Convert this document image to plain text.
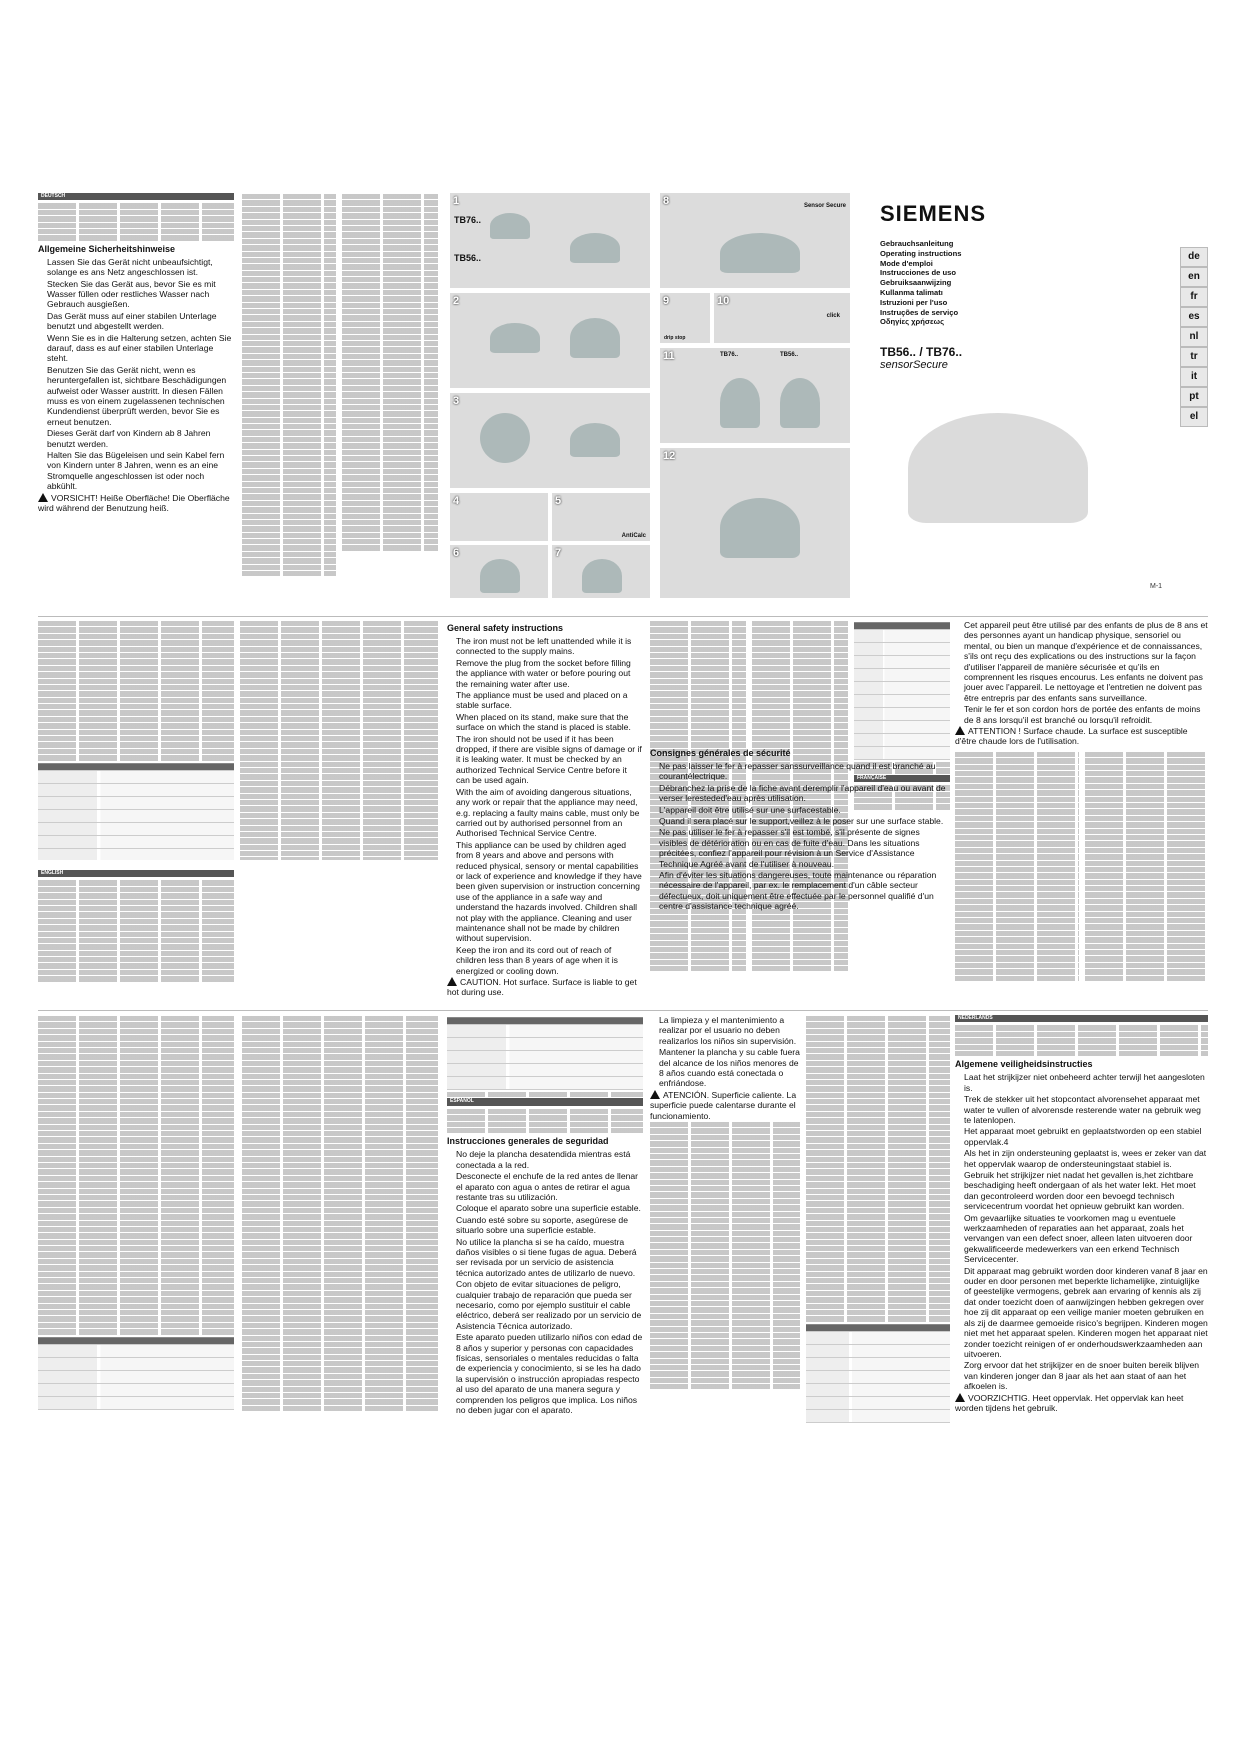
DEUTSCH
Allgemeine Sicherheitshinweise
• Lassen Sie das Gerät nicht unbeaufsichtigt, solange es ans Netz angeschlossen ist.
• Stecken Sie das Gerät aus, bevor Sie es mit Wasser füllen oder restliches Wasser nach Gebrauch ausgießen.
• Das Gerät muss auf einer stabilen Unterlage benutzt und abgestellt werden.
• Wenn Sie es in die Halterung setzen, achten Sie darauf, dass es auf einer stabilen Unterlage steht.
• Benutzen Sie das Gerät nicht, wenn es heruntergefallen ist, sichtbare Beschädigungen aufweist oder Wasser austritt. In diesen Fällen muss es von einem zugelassenen technischen Kundendienst überprüft werden, bevor Sie es erneut benutzen.
• Dieses Gerät darf von Kindern ab 8 Jahren benutzt werden.
• Halten Sie das Bügeleisen und sein Kabel fern von Kindern unter 8 Jahren, wenn es an eine Stromquelle angeschlossen ist oder noch abkühlt.
VORSICHT! Heiße Oberfläche! Die Oberfläche wird während der Benutzung heiß.
1
TB76..
TB56..
2
3
4	5
AntiCalc
6	7
8	Sensor Secure
9
drip stop
10
click
11	TB76..	TB56..
12
SIEMENS
Gebrauchsanleitung
Operating instructions
Mode d'emploi
Instrucciones de uso
Gebruiksaanwijzing
Kullanma talimatı
Istruzioni per l'uso
Instruções de serviço
Οδηγίες χρήσεως
TB56.. / TB76..
sensorSecure
M-1
de
en
fr
es
nl
tr
it
pt
el
ENGLISH
General safety instructions
• The iron must not be left unattended while it is connected to the supply mains.
• Remove the plug from the socket before filling the appliance with water or before pouring out the remaining water after use.
• The appliance must be used and placed on a stable surface.
• When placed on its stand, make sure that the surface on which the stand is placed is stable.
• The iron should not be used if it has been dropped, if there are visible signs of damage or if it is leaking water. It must be checked by an authorized Technical Service Centre before it can be used again.
• With the aim of avoiding dangerous situations, any work or repair that the appliance may need, e.g. replacing a faulty mains cable, must only be carried out by authorised personnel from an Authorised Technical Service Centre.
• This appliance can be used by children aged from 8 years and above and persons with reduced physical, sensory or mental capabilities or lack of experience and knowledge if they have been given supervision or instruction concerning use of the appliance in a safe way and understand the hazards involved. Children shall not play with the appliance. Cleaning and user maintenance shall not be made by children without supervision.
• Keep the iron and its cord out of reach of children less than 8 years of age when it is energized or cooling down.
CAUTION. Hot surface. Surface is liable to get hot during use.
FRANÇAISE
• Cet appareil peut être utilisé par des enfants de plus de 8 ans et des personnes ayant un handicap physique, sensoriel ou mental, ou bien un manque d'expérience et de connaissances, s'ils ont reçu des explications ou des instructions sur la façon d'utiliser l'appareil de manière sécurisée et qu'ils en comprennent les risques encourus. Les enfants ne doivent pas jouer avec l'appareil. Le nettoyage et l'entretien ne doivent pas être entrepris par des enfants sans surveillance.
• Tenir le fer et son cordon hors de portée des enfants de moins de 8 ans lorsqu'il est branché ou lorsqu'il refroidit.
ATTENTION ! Surface chaude. La surface est susceptible d'être chaude lors de l'utilisation.
Consignes générales de sécurité
• Ne pas laisser le fer à repasser sanssurveillance quand il est branché au courantélectrique.
• Débranchez la prise de la fiche avant deremplir l'appareil d'eau ou avant de verser leresteded'eau après utilisation.
• L'appareil doit être utilisé sur une surfacestable.
• Quand il sera placé sur le support,veillez à le poser sur une surface stable.
• Ne pas utiliser le fer à repasser s'il est tombé, s'il présente de signes visibles de détérioration ou en cas de fuite d'eau. Dans les situations précitées, confiez l'appareil pour révision à un Service d'Assistance Technique Agréé avant de l'utiliser à nouveau.
• Afin d'éviter les situations dangereuses, toute maintenance ou réparation nécessaire de l'appareil, par ex. le remplacement d'un câble secteur défectueux, doit uniquement être effectuée par le personnel qualifié d'un centre d'assistance technique agréé.
ESPAÑOL
Instrucciones generales de seguridad
• No deje la plancha desatendida mientras está conectada a la red.
• Desconecte el enchufe de la red antes de llenar el aparato con agua o antes de retirar el agua restante tras su utilización.
• Coloque el aparato sobre una superficie estable.
• Cuando esté sobre su soporte, asegúrese de situarlo sobre una superficie estable.
• No utilice la plancha si se ha caído, muestra daños visibles o si tiene fugas de agua. Deberá ser revisada por un servicio de asistencia técnica autorizado antes de utilizarlo de nuevo.
• Con objeto de evitar situaciones de peligro, cualquier trabajo de reparación que pueda ser necesario, como por ejemplo sustituir el cable eléctrico, deberá ser realizado por un servicio de Asistencia Técnica autorizado.
• Este aparato pueden utilizarlo niños con edad de 8 años y superior y personas con capacidades físicas, sensoriales o mentales reducidas o falta de experiencia y conocimiento, si se les ha dado la supervisión o instrucción apropiadas respecto al uso del aparato de una manera segura y comprenden los peligros que implica. Los niños no deben jugar con el aparato.
• La limpieza y el mantenimiento a realizar por el usuario no deben realizarlos los niños sin supervisión.
• Mantener la plancha y su cable fuera del alcance de los niños menores de 8 años cuando está conectada o enfriándose.
ATENCIÓN. Superficie caliente. La superficie puede calentarse durante el funcionamiento.
NEDERLANDS
Algemene veiligheidsinstructies
• Laat het strijkijzer niet onbeheerd achter terwijl het aangesloten is.
• Trek de stekker uit het stopcontact alvorensehet apparaat met water te vullen of alvorensde resterende water na gebruik weg te latenlopen.
• Het apparaat moet gebruikt en geplaatstworden op een stabiel oppervlak.4
• Als het in zijn ondersteuning geplaatst is, wees er zeker van dat het oppervlak waarop de ondersteuningstaat stabiel is.
• Gebruik het strijkijzer niet nadat het gevallen is,het zichtbare beschadiging heeft ondergaan of als het water lekt. Het moet dan gecontroleerd worden door een bevoegd technisch servicecentrum voordat het opnieuw gebruikt kan worden.
• Om gevaarlijke situaties te voorkomen mag u eventuele werkzaamheden of reparaties aan het apparaat, zoals het vervangen van een defect snoer, alleen laten uitvoeren door gekwalificeerde medewerkers van een erkend Technisch Servicecenter.
• Dit apparaat mag gebruikt worden door kinderen vanaf 8 jaar en ouder en door personen met beperkte lichamelijke, zintuiglijke of geestelijke vermogens, gebrek aan ervaring of kennis als zij dat onder toezicht doen of aanwijzingen hebben gekregen over hoe zij dit apparaat op een veilige manier moeten gebruiken en als zij de daarmee gemoeide risico's begrijpen. Kinderen mogen niet met het apparaat spelen. Kinderen mogen het apparaat niet zonder toezicht reinigen of er onderhoudswerkzaamheden aan uitvoeren.
• Zorg ervoor dat het strijkijzer en de snoer buiten bereik blijven van kinderen jonger dan 8 jaar als het aan staat of aan het afkoelen is.
VOORZICHTIG. Heet oppervlak. Het oppervlak kan heet worden tijdens het gebruik.
